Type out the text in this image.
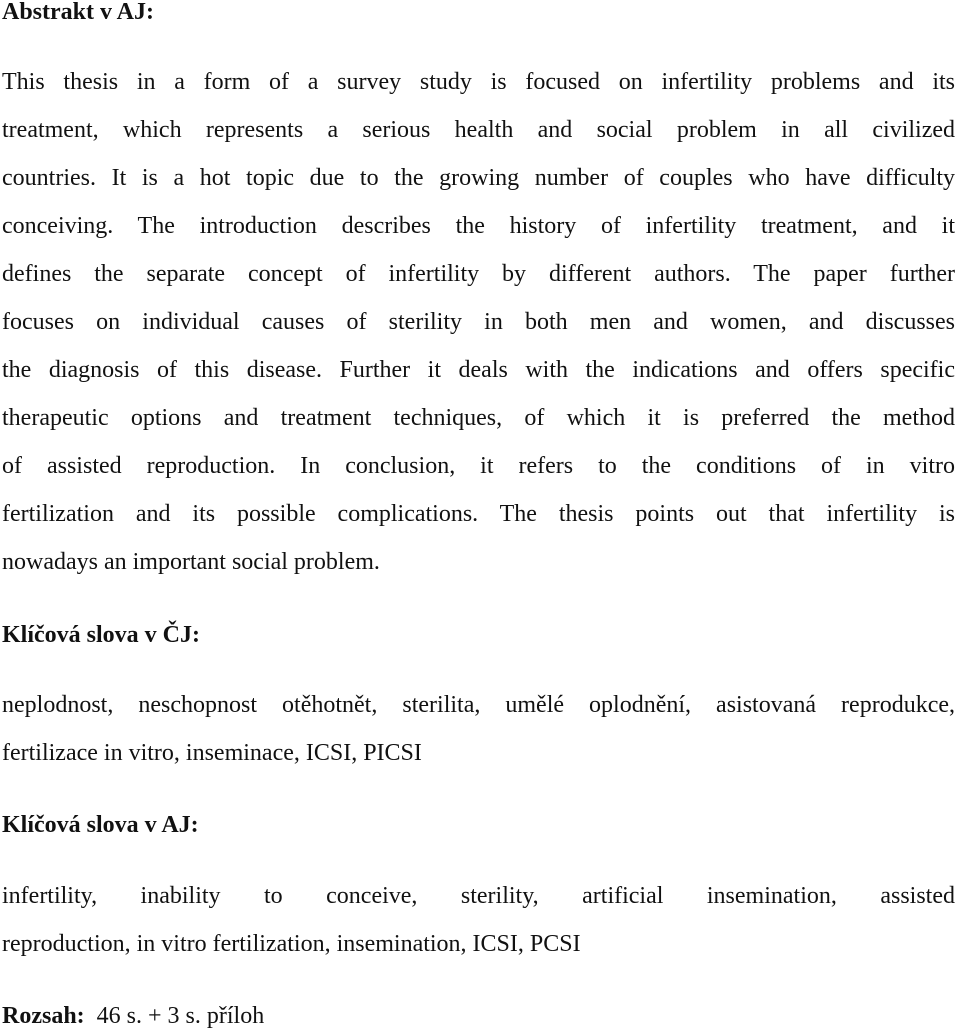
Abstrakt v AJ:
This thesis in a form of a survey study is focused on infertility problems and its
treatment, which represents a serious health and social problem in all civilized
countries. It is a hot topic due to the growing number of couples who have difficulty
conceiving. The introduction describes the history of infertility treatment, and it
defines the separate concept of infertility by different authors. The paper further
focuses on individual causes of sterility in both men and women, and discusses
the diagnosis of this disease. Further it deals with the indications and offers specific
therapeutic options and treatment techniques, of which it is preferred the method
of assisted reproduction. In conclusion, it refers to the conditions of in vitro
fertilization and its possible complications. The thesis points out that infertility is
nowadays an important social problem.
Klíčová slova v ČJ:
neplodnost, neschopnost otěhotnět, sterilita, umělé oplodnění, asistovaná reprodukce,
fertilizace in vitro, inseminace, ICSI, PICSI
Klíčová slova v AJ:
infertility, inability to conceive, sterility, artificial insemination, assisted
reproduction, in vitro fertilization, insemination, ICSI, PCSI

Rozsah: 46 s. + 3 s. příloh
